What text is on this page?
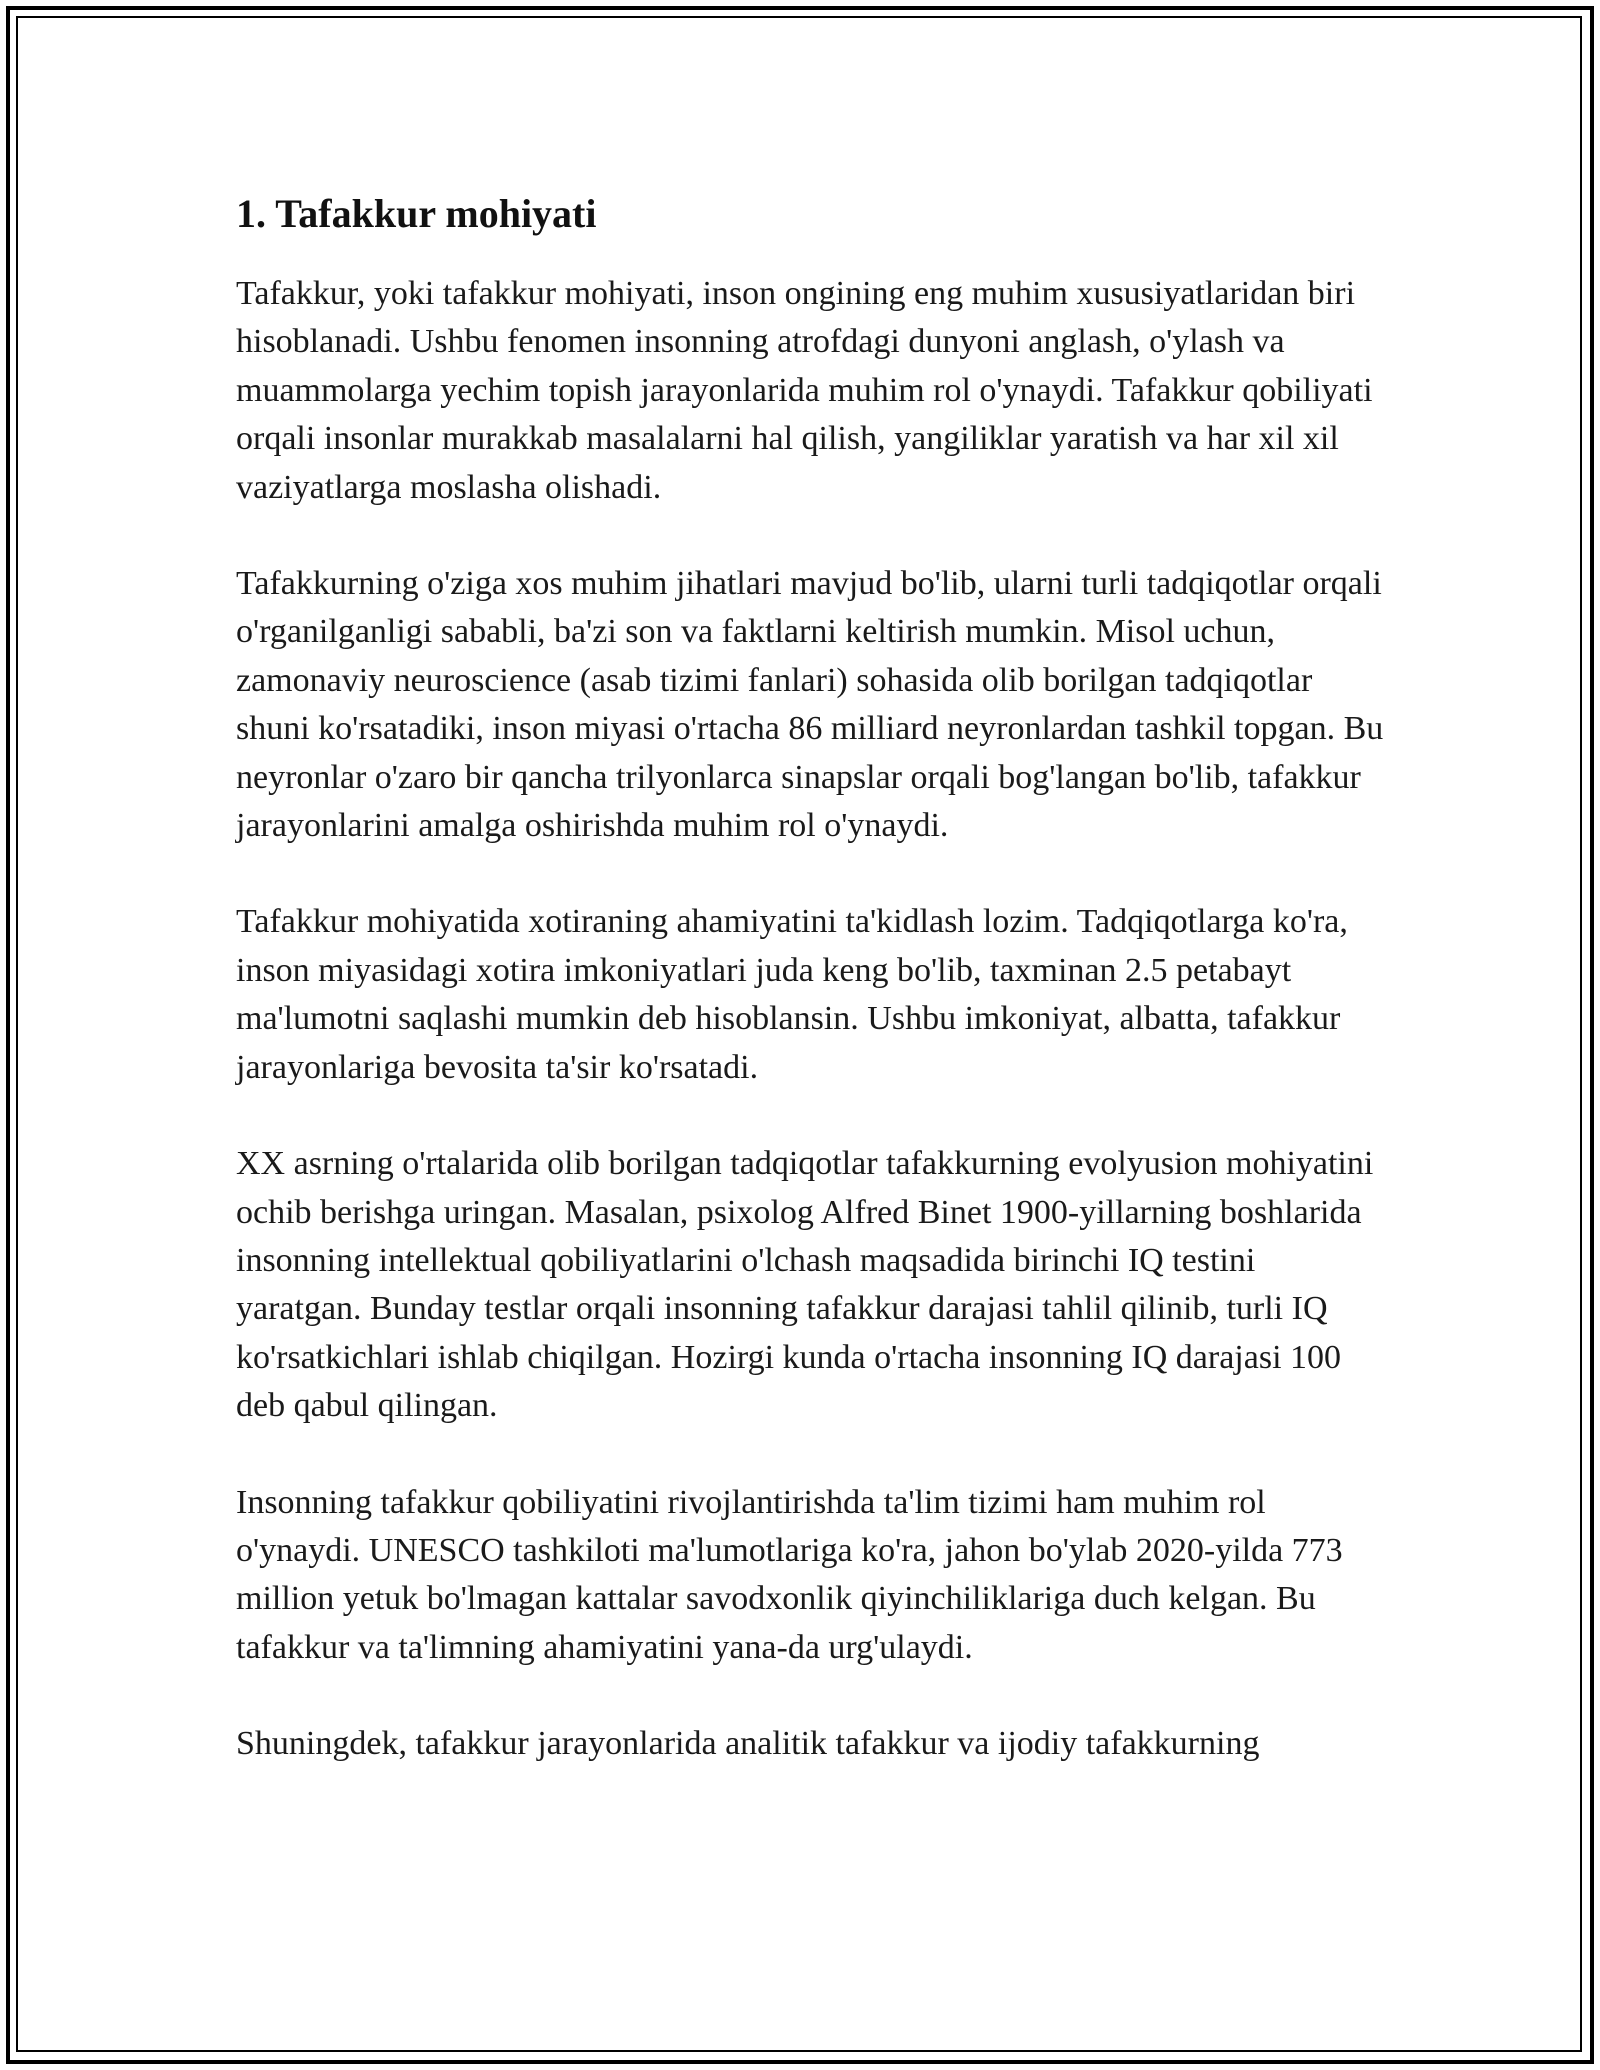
1. Tafakkur mohiyati

Tafakkur, yoki tafakkur mohiyati, inson ongining eng muhim xususiyatlaridan biri hisoblanadi. Ushbu fenomen insonning atrofdagi dunyoni anglash, o'ylash va muammolarga yechim topish jarayonlarida muhim rol o'ynaydi. Tafakkur qobiliyati orqali insonlar murakkab masalalarni hal qilish, yangiliklar yaratish va har xil xil vaziyatlarga moslasha olishadi.

Tafakkurning o'ziga xos muhim jihatlari mavjud bo'lib, ularni turli tadqiqotlar orqali o'rganilganligi sababli, ba'zi son va faktlarni keltirish mumkin. Misol uchun, zamonaviy neuroscience (asab tizimi fanlari) sohasida olib borilgan tadqiqotlar shuni ko'rsatadiki, inson miyasi o'rtacha 86 milliard neyronlardan tashkil topgan. Bu neyronlar o'zaro bir qancha trilyonlarca sinapslar orqali bog'langan bo'lib, tafakkur jarayonlarini amalga oshirishda muhim rol o'ynaydi.

Tafakkur mohiyatida xotiraning ahamiyatini ta'kidlash lozim. Tadqiqotlarga ko'ra, inson miyasidagi xotira imkoniyatlari juda keng bo'lib, taxminan 2.5 petabayt ma'lumotni saqlashi mumkin deb hisoblansin. Ushbu imkoniyat, albatta, tafakkur jarayonlariga bevosita ta'sir ko'rsatadi.

XX asrning o'rtalarida olib borilgan tadqiqotlar tafakkurning evolyusion mohiyatini ochib berishga uringan. Masalan, psixolog Alfred Binet 1900-yillarning boshlarida insonning intellektual qobiliyatlarini o'lchash maqsadida birinchi IQ testini yaratgan. Bunday testlar orqali insonning tafakkur darajasi tahlil qilinib, turli IQ ko'rsatkichlari ishlab chiqilgan. Hozirgi kunda o'rtacha insonning IQ darajasi 100 deb qabul qilingan.

Insonning tafakkur qobiliyatini rivojlantirishda ta'lim tizimi ham muhim rol o'ynaydi. UNESCO tashkiloti ma'lumotlariga ko'ra, jahon bo'ylab 2020-yilda 773 million yetuk bo'lmagan kattalar savodxonlik qiyinchiliklariga duch kelgan. Bu tafakkur va ta'limning ahamiyatini yana-da urg'ulaydi.

Shuningdek, tafakkur jarayonlarida analitik tafakkur va ijodiy tafakkurning
